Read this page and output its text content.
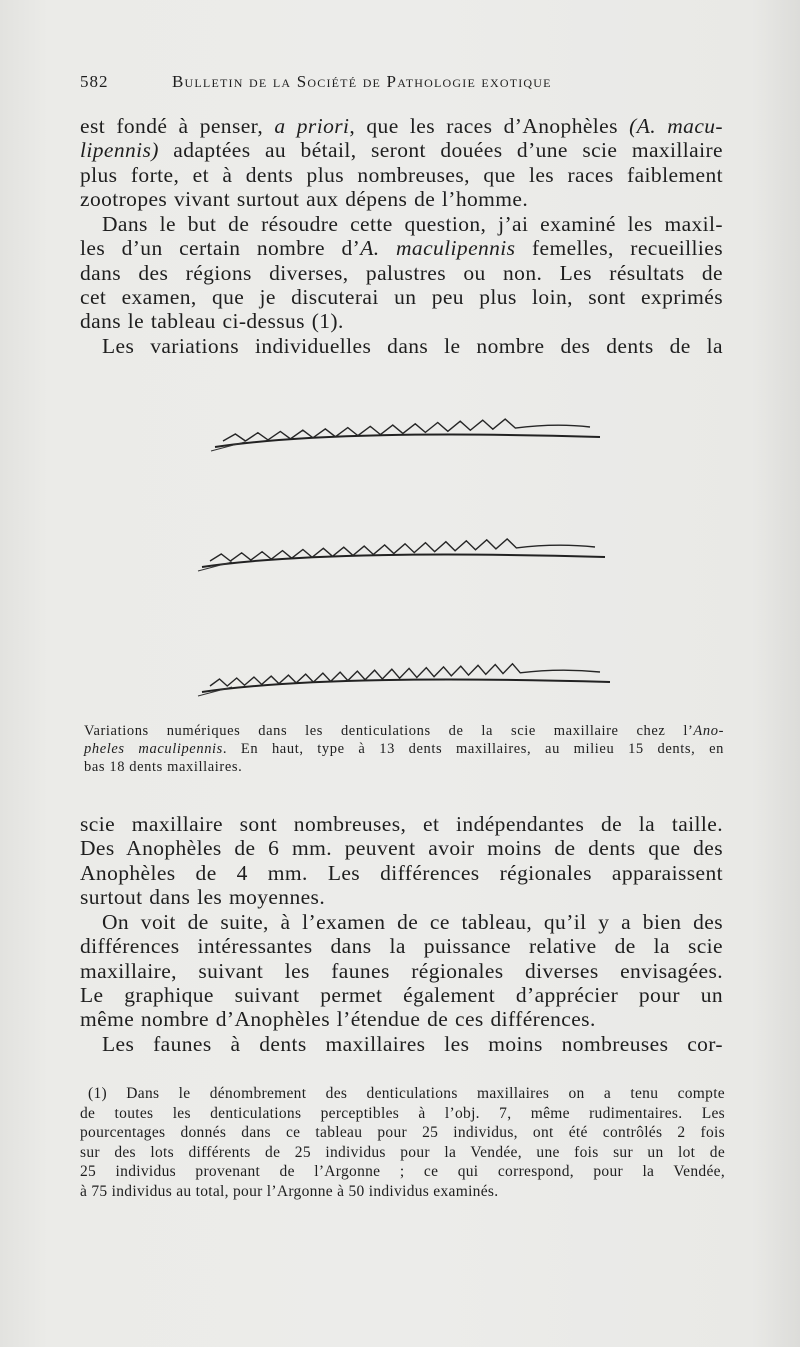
582	Bulletin de la Société de Pathologie exotique
est fondé à penser, a priori, que les races d’Anophèles (A. macu-
lipennis) adaptées au bétail, seront douées d’une scie maxillaire
plus forte, et à dents plus nombreuses, que les races faiblement
zootropes vivant surtout aux dépens de l’homme.
Dans le but de résoudre cette question, j’ai examiné les maxil-
les d’un certain nombre d’A. maculipennis femelles, recueillies
dans des régions diverses, palustres ou non. Les résultats de
cet examen, que je discuterai un peu plus loin, sont exprimés
dans le tableau ci-dessus (1).
Les variations individuelles dans le nombre des dents de la
Variations numériques dans les denticulations de la scie maxillaire chez l’Ano-
pheles maculipennis. En haut, type à 13 dents maxillaires, au milieu 15 dents, en
bas 18 dents maxillaires.
scie maxillaire sont nombreuses, et indépendantes de la taille.
Des Anophèles de 6 mm. peuvent avoir moins de dents que des
Anophèles de 4 mm. Les différences régionales apparaissent
surtout dans les moyennes.
On voit de suite, à l’examen de ce tableau, qu’il y a bien des
différences intéressantes dans la puissance relative de la scie
maxillaire, suivant les faunes régionales diverses envisagées.
Le graphique suivant permet également d’apprécier pour un
même nombre d’Anophèles l’étendue de ces différences.
Les faunes à dents maxillaires les moins nombreuses cor-
(1) Dans le dénombrement des denticulations maxillaires on a tenu compte
de toutes les denticulations perceptibles à l’obj. 7, même rudimentaires. Les
pourcentages donnés dans ce tableau pour 25 individus, ont été contrôlés 2 fois
sur des lots différents de 25 individus pour la Vendée, une fois sur un lot de
25 individus provenant de l’Argonne ; ce qui correspond, pour la Vendée,
à 75 individus au total, pour l’Argonne à 50 individus examinés.
